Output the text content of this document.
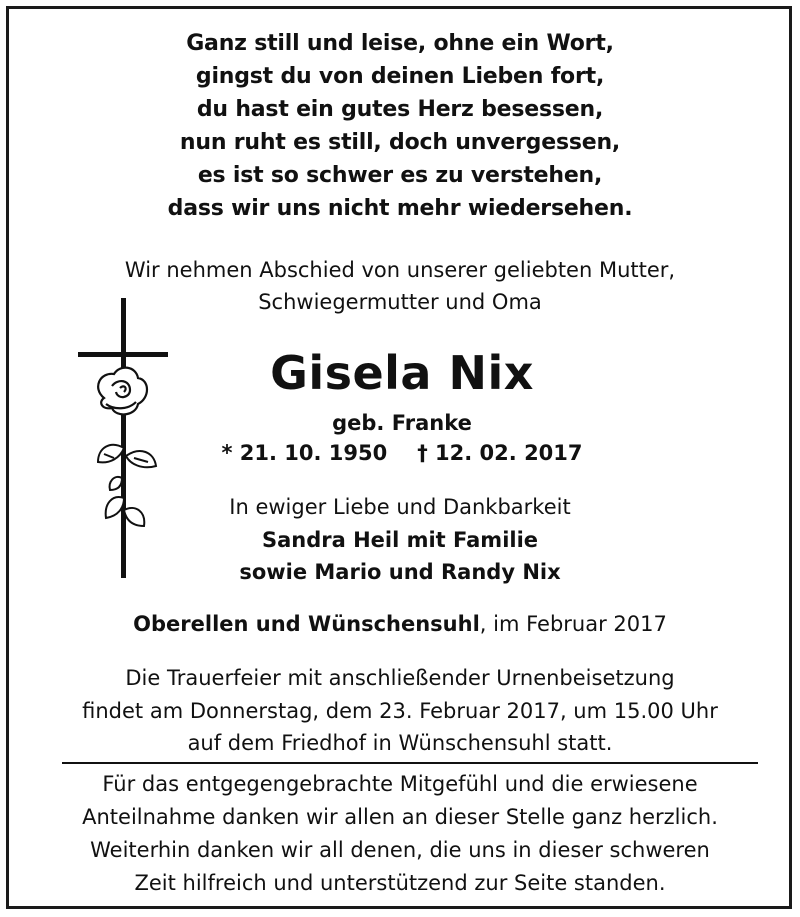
Ganz still und leise, ohne ein Wort,
gingst du von deinen Lieben fort,
du hast ein gutes Herz besessen,
nun ruht es still, doch unvergessen,
es ist so schwer es zu verstehen,
dass wir uns nicht mehr wiedersehen.
Wir nehmen Abschied von unserer geliebten Mutter,
Schwiegermutter und Oma
Gisela Nix
geb. Franke
* 21. 10. 1950 † 12. 02. 2017
In ewiger Liebe und Dankbarkeit
Sandra Heil mit Familie
sowie Mario und Randy Nix
Oberellen und Wünschensuhl, im Februar 2017
Die Trauerfeier mit anschließender Urnenbeisetzung
findet am Donnerstag, dem 23. Februar 2017, um 15.00 Uhr
auf dem Friedhof in Wünschensuhl statt.
Für das entgegengebrachte Mitgefühl und die erwiesene
Anteilnahme danken wir allen an dieser Stelle ganz herzlich.
Weiterhin danken wir all denen, die uns in dieser schweren
Zeit hilfreich und unterstützend zur Seite standen.
